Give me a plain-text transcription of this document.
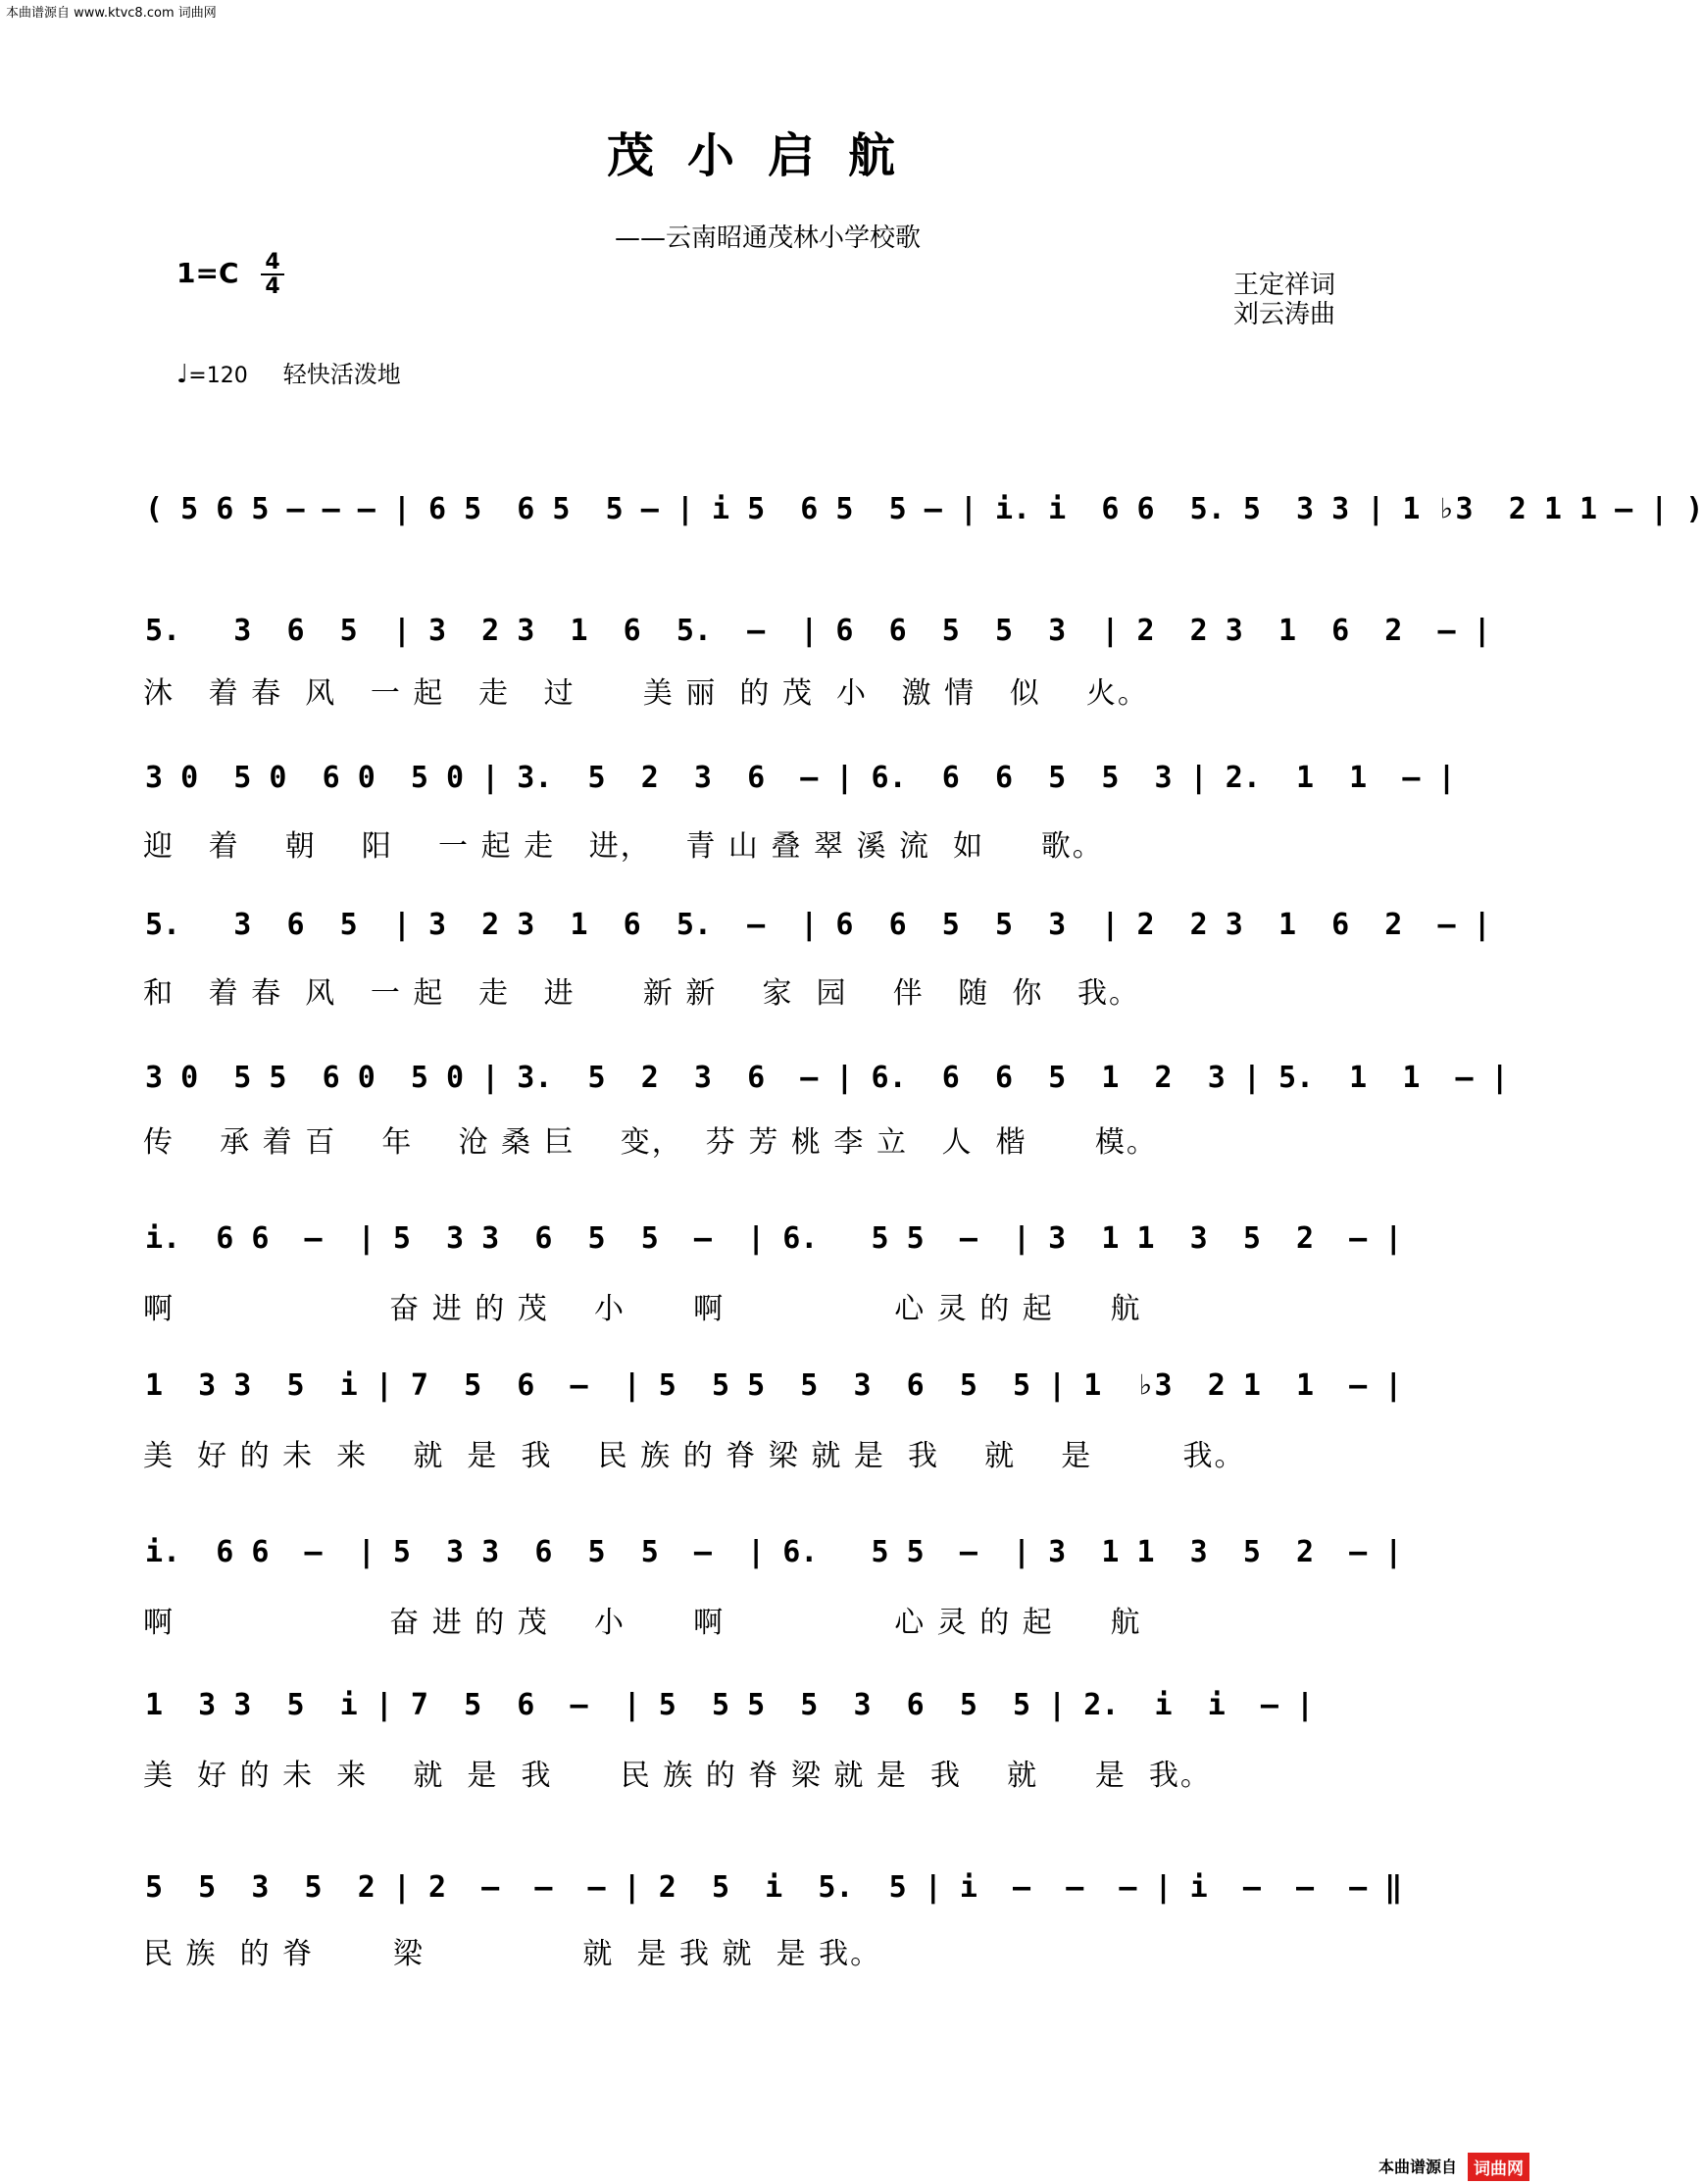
本曲谱源自 www.ktvc8.com 词曲网
茂小启航
——云南昭通茂林小学校歌
1=C 4
4	王定祥词
刘云涛曲
♩=120 轻快活泼地
( 5 6 5 – – – | 6 5  6 5  5 – | i 5  6 5  5 – | i. i  6 6  5. 5  3 3 | 1 ♭3  2 1 1 – | )
5.   3  6  5  | 3  2 3  1  6  5.  –  | 6  6  5  5  3  | 2  2 3  1  6  2  – |
沐   着 春  风   一 起   走   过      美 丽  的 茂  小   激 情   似    火。
3 0  5 0  6 0  5 0 | 3.  5  2  3  6  – | 6.  6  6  5  5  3 | 2.  1  1  – |
迎   着    朝    阳    一 起 走   进，   青 山 叠 翠 溪 流  如     歌。
5.   3  6  5  | 3  2 3  1  6  5.  –  | 6  6  5  5  3  | 2  2 3  1  6  2  – |
和   着 春  风   一 起   走   进      新 新    家  园    伴   随  你   我。
3 0  5 5  6 0  5 0 | 3.  5  2  3  6  – | 6.  6  6  5  1  2  3 | 5.  1  1  – |
传    承 着 百    年    沧 桑 巨    变，  芬 芳 桃 李 立   人  楷      模。
i.  6 6  –  | 5  3 3  6  5  5  –  | 6.   5 5  –  | 3  1 1  3  5  2  – |
啊                   奋 进 的 茂    小      啊               心 灵 的 起     航
1  3 3  5  i | 7  5  6  –  | 5  5 5  5  3  6  5  5 | 1  ♭3  2 1  1  – |
美  好 的 未  来    就  是  我    民 族 的 脊 梁 就 是  我    就    是        我。
i.  6 6  –  | 5  3 3  6  5  5  –  | 6.   5 5  –  | 3  1 1  3  5  2  – |
啊                   奋 进 的 茂    小      啊               心 灵 的 起     航
1  3 3  5  i | 7  5  6  –  | 5  5 5  5  3  6  5  5 | 2.  i  i  – |
美  好 的 未  来    就  是  我      民 族 的 脊 梁 就 是  我    就     是  我。
5  5  3  5  2 | 2  –  –  – | 2  5  i  5.  5 | i  –  –  – | i  –  –  – ‖
民 族  的 脊       梁              就  是 我 就  是 我。
本曲谱源自	词曲网
